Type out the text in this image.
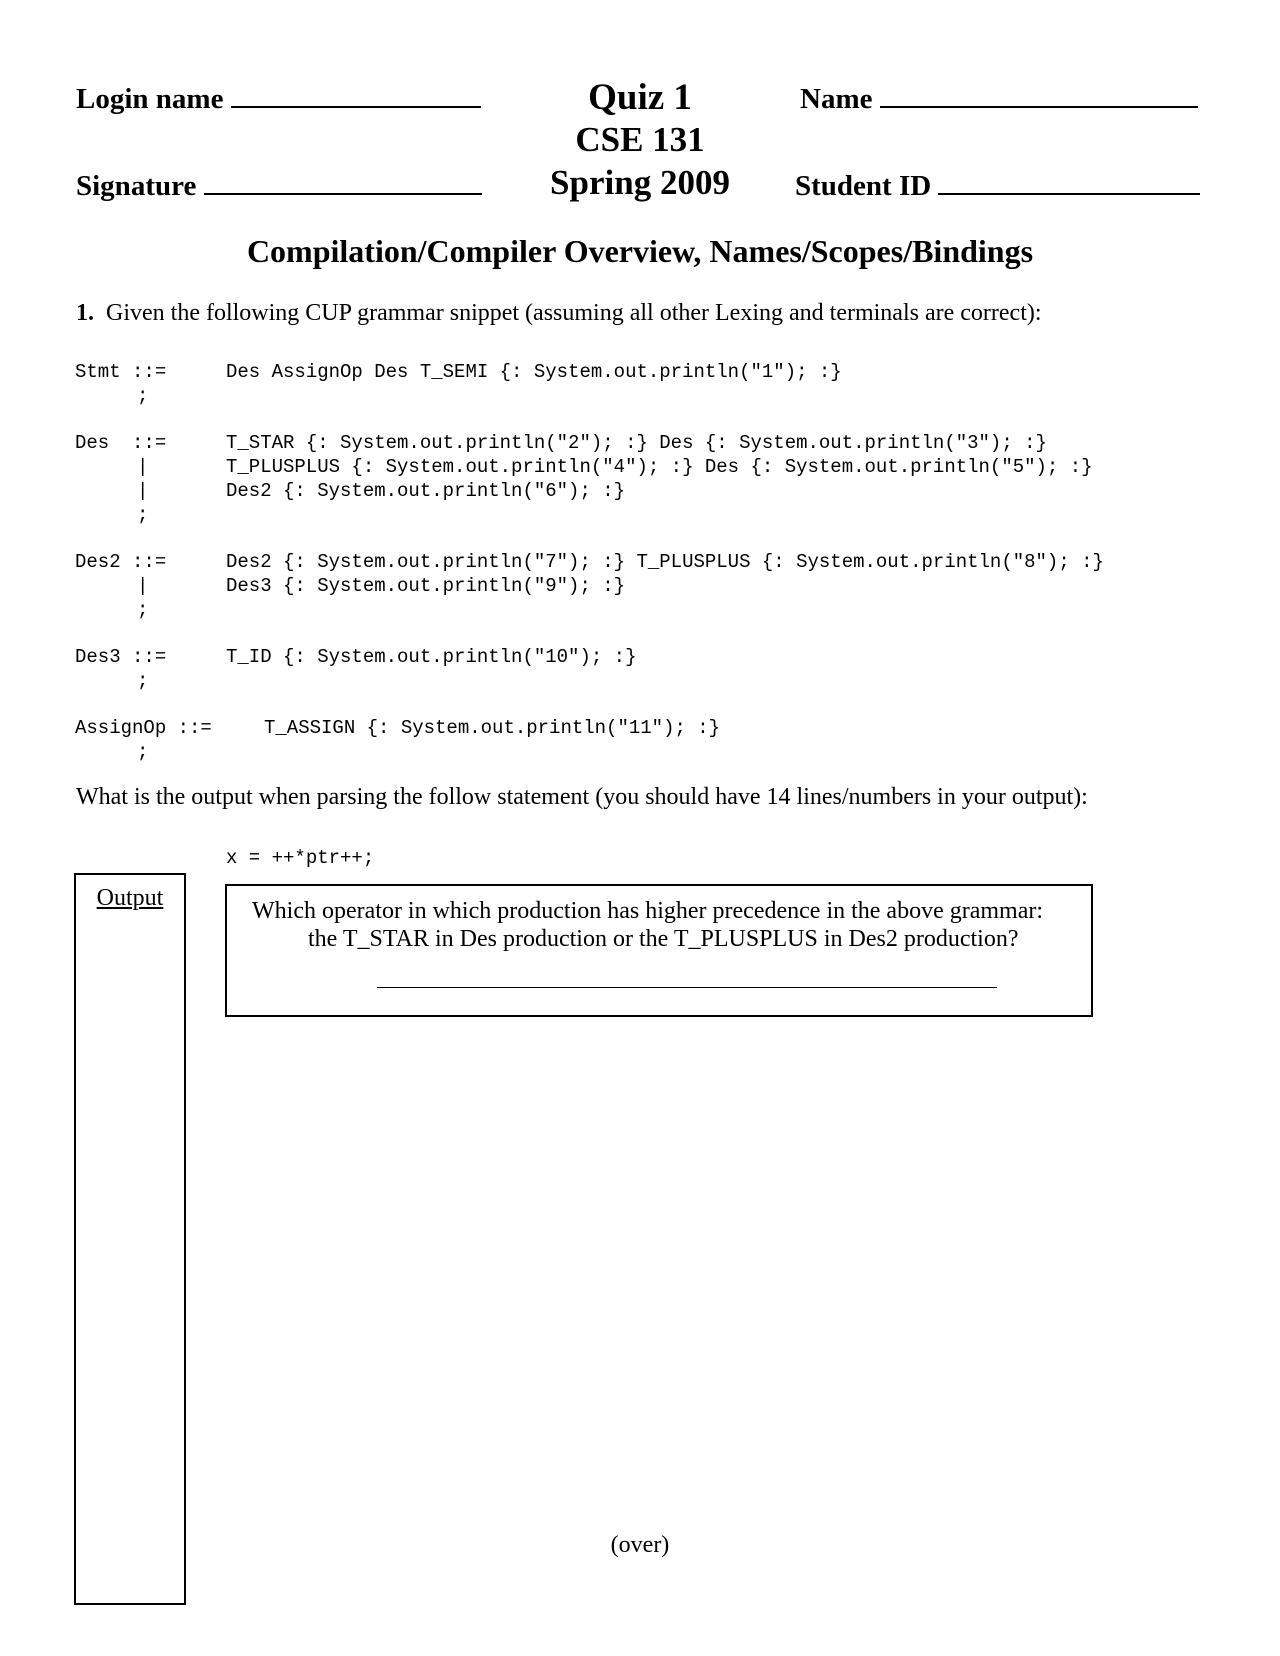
Login name
Signature
Quiz 1
CSE 131
Spring 2009
Name
Student ID
Compilation/Compiler Overview, Names/Scopes/Bindings
1. Given the following CUP grammar snippet (assuming all other Lexing and terminals are correct):
Stmt ::=	Des AssignOp Des T_SEMI {: System.out.println("1"); :}
;
Des  ::=	T_STAR {: System.out.println("2"); :} Des {: System.out.println("3"); :}
|	T_PLUSPLUS {: System.out.println("4"); :} Des {: System.out.println("5"); :}
|	Des2 {: System.out.println("6"); :}
;
Des2 ::=	Des2 {: System.out.println("7"); :} T_PLUSPLUS {: System.out.println("8"); :}
|	Des3 {: System.out.println("9"); :}
;
Des3 ::=	T_ID {: System.out.println("10"); :}
;
AssignOp ::=	T_ASSIGN {: System.out.println("11"); :}
;
What is the output when parsing the follow statement (you should have 14 lines/numbers in your output):
x = ++*ptr++;
Output	Which operator in which production has higher precedence in the above grammar:
the T_STAR in Des production or the T_PLUSPLUS in Des2 production?
(over)
